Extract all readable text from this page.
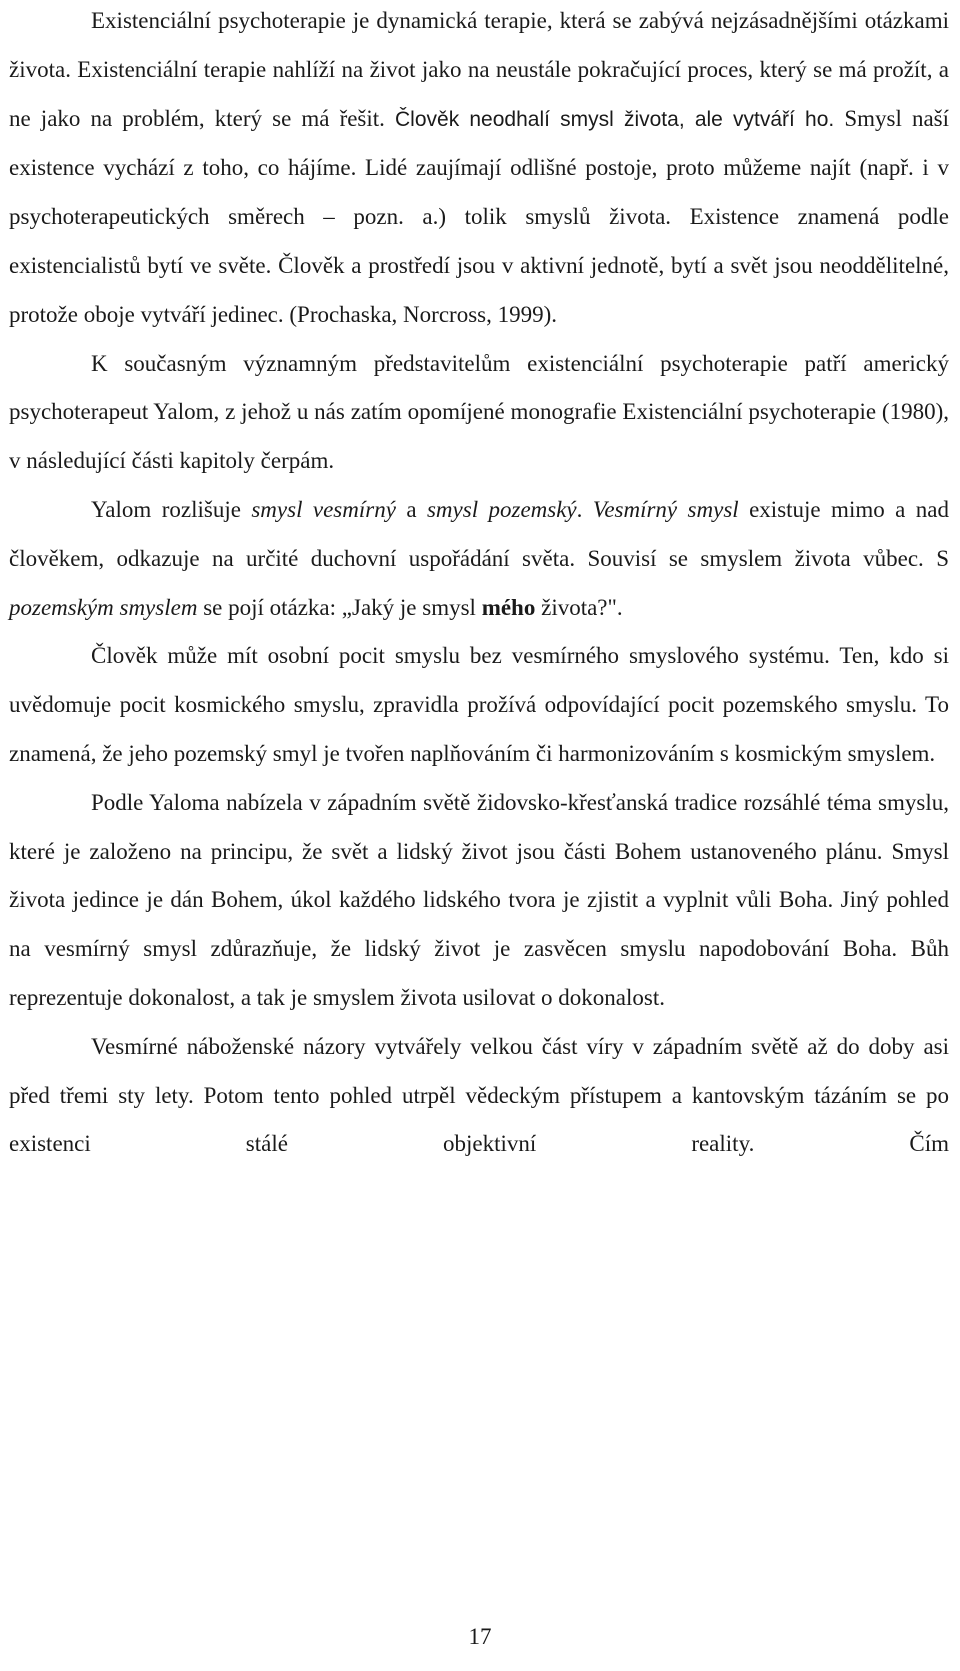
Existenciální psychoterapie je dynamická terapie, která se zabývá nejzásadnějšími otázkami života. Existenciální terapie nahlíží na život jako na neustále pokračující proces, který se má prožít, a ne jako na problém, který se má řešit. Člověk neodhalí smysl života, ale vytváří ho. Smysl naší existence vychází z toho, co hájíme. Lidé zaujímají odlišné postoje, proto můžeme najít (např. i v psychoterapeutických směrech – pozn. a.) tolik smyslů života. Existence znamená podle existencialistů bytí ve světe. Člověk a prostředí jsou v aktivní jednotě, bytí a svět jsou neoddělitelné, protože oboje vytváří jedinec. (Prochaska, Norcross, 1999).

K současným významným představitelům existenciální psychoterapie patří americký psychoterapeut Yalom, z jehož u nás zatím opomíjené monografie Existenciální psychoterapie (1980), v následující části kapitoly čerpám.

Yalom rozlišuje smysl vesmírný a smysl pozemský. Vesmírný smysl existuje mimo a nad člověkem, odkazuje na určité duchovní uspořádání světa. Souvisí se smyslem života vůbec. S pozemským smyslem se pojí otázka: „Jaký je smysl mého života?".

Člověk může mít osobní pocit smyslu bez vesmírného smyslového systému. Ten, kdo si uvědomuje pocit kosmického smyslu, zpravidla prožívá odpovídající pocit pozemského smyslu. To znamená, že jeho pozemský smyl je tvořen naplňováním či harmonizováním s kosmickým smyslem.

Podle Yaloma nabízela v západním světě židovsko-křesťanská tradice rozsáhlé téma smyslu, které je založeno na principu, že svět a lidský život jsou části Bohem ustanoveného plánu. Smysl života jedince je dán Bohem, úkol každého lidského tvora je zjistit a vyplnit vůli Boha. Jiný pohled na vesmírný smysl zdůrazňuje, že lidský život je zasvěcen smyslu napodobování Boha. Bůh reprezentuje dokonalost, a tak je smyslem života usilovat o dokonalost.

Vesmírné náboženské názory vytvářely velkou část víry v západním světě až do doby asi před třemi sty lety. Potom tento pohled utrpěl vědeckým přístupem a kantovským tázáním se po existenci stálé objektivní reality. Čím

17
